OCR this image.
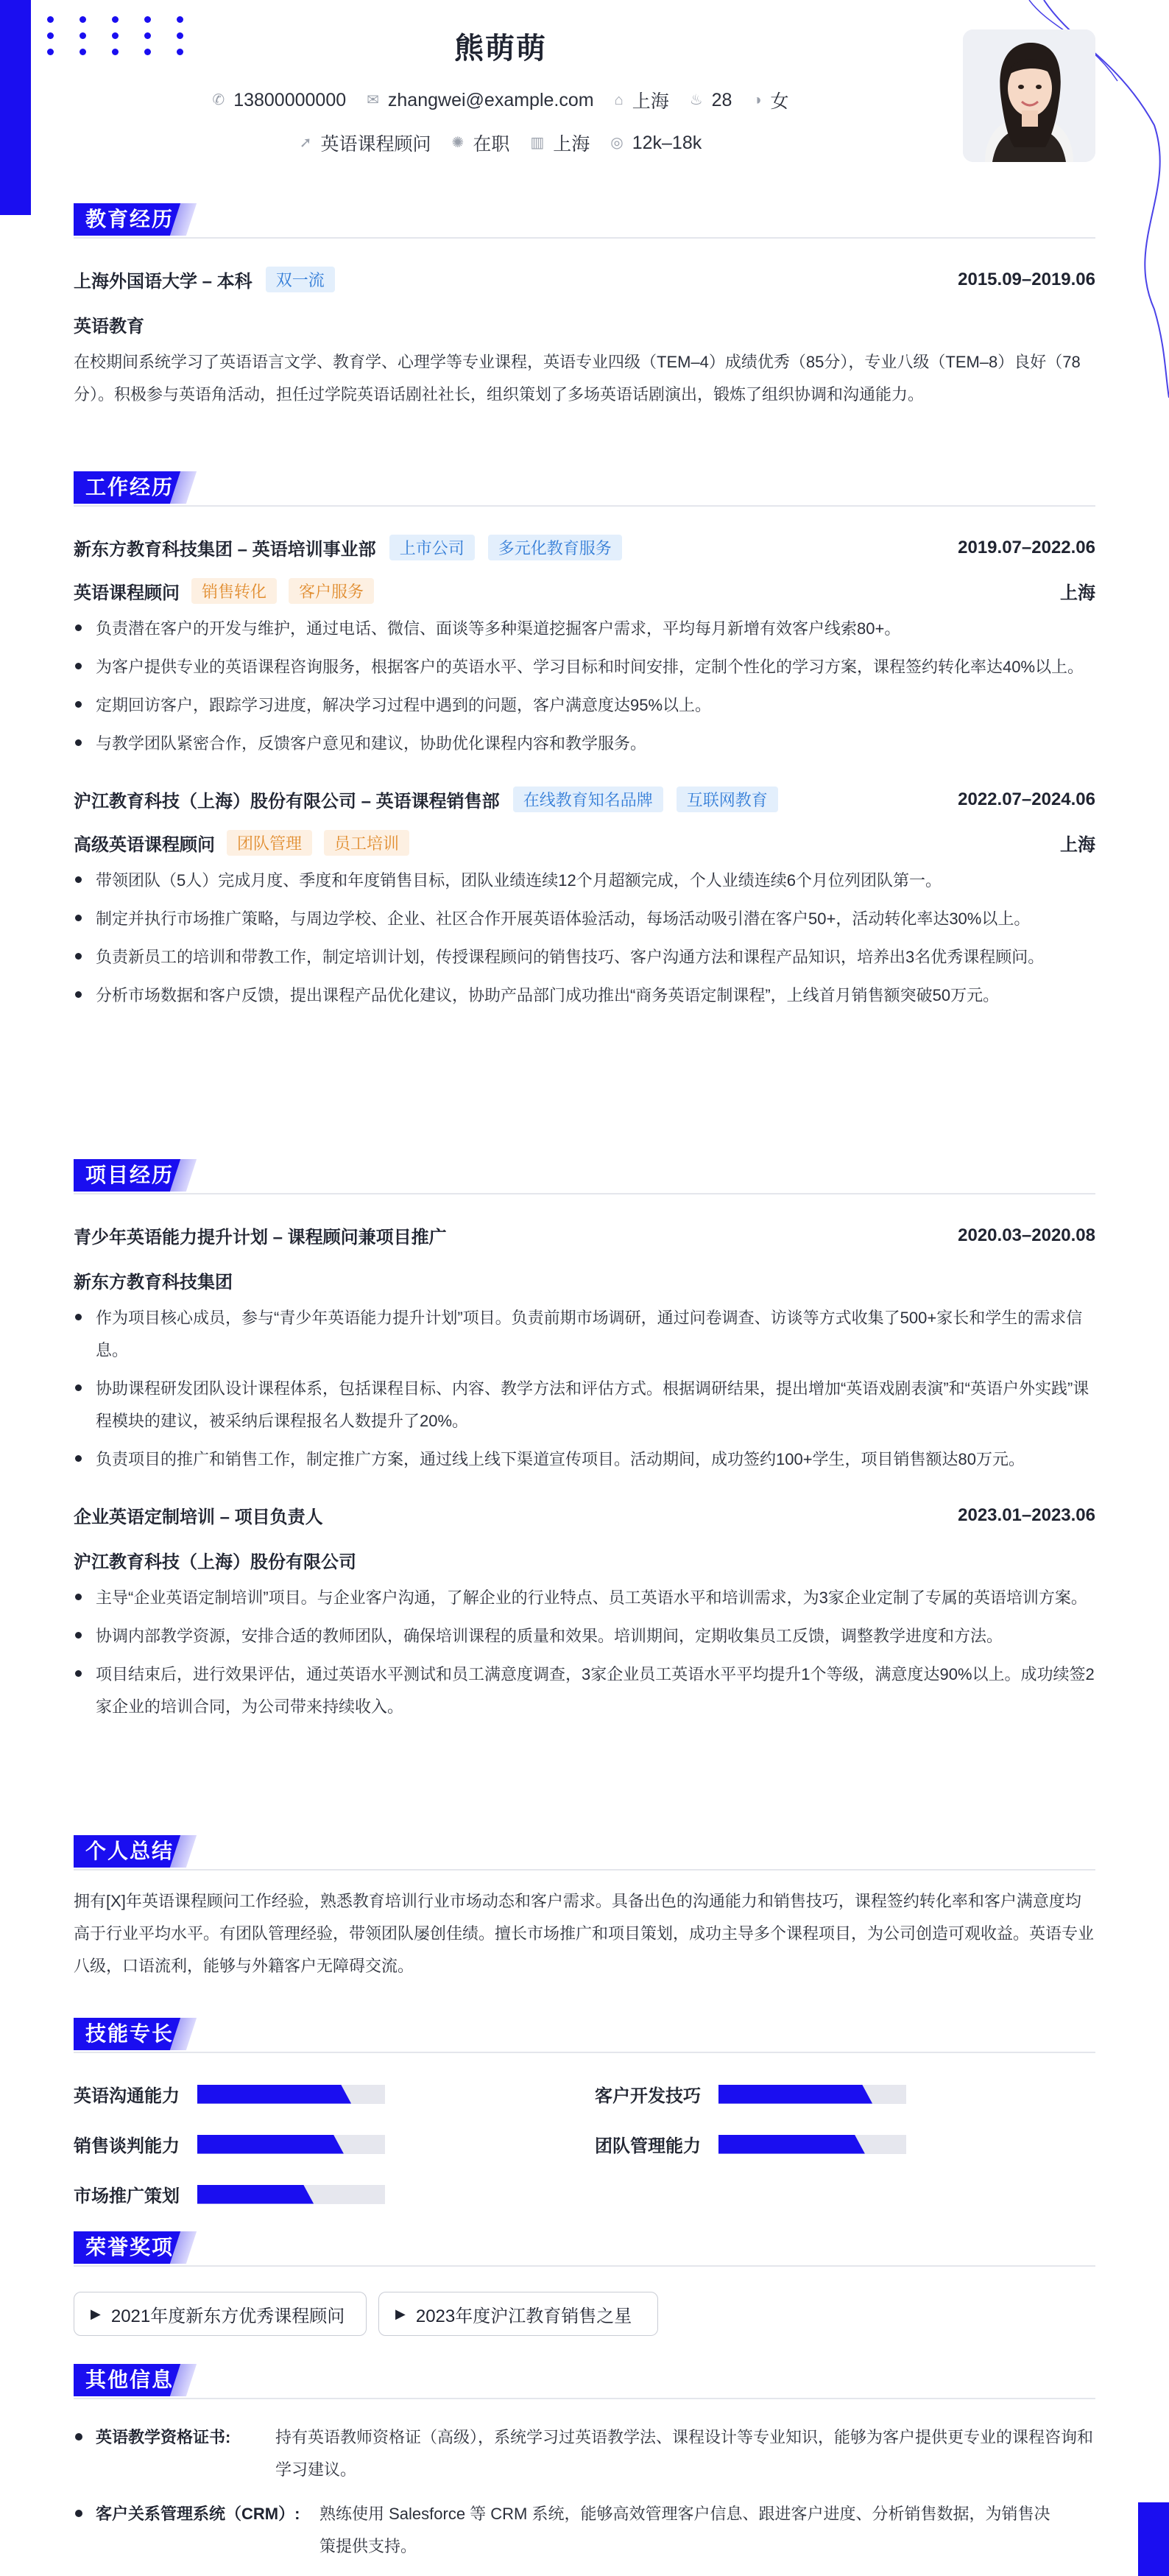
熊萌萌
✆ 13800000000 ✉ zhangwei@example.com ⌂ 上海 ♨ 28 ◑ 女
➚ 英语课程顾问 ✺ 在职 ▥ 上海 ◎ 12k–18k
教育经历
上海外国语大学 – 本科	双一流	2015.09–2019.06
英语教育
在校期间系统学习了英语语言文学、教育学、心理学等专业课程，英语专业四级（TEM–4）成绩优秀（85分），专业八级（TEM–8）良好（78分）。积极参与英语角活动，担任过学院英语话剧社社长，组织策划了多场英语话剧演出，锻炼了组织协调和沟通能力。
工作经历
新东方教育科技集团 – 英语培训事业部	上市公司	多元化教育服务	2019.07–2022.06
英语课程顾问	销售转化	客户服务	上海
负责潜在客户的开发与维护，通过电话、微信、面谈等多种渠道挖掘客户需求，平均每月新增有效客户线索80+。
为客户提供专业的英语课程咨询服务，根据客户的英语水平、学习目标和时间安排，定制个性化的学习方案，课程签约转化率达40%以上。
定期回访客户，跟踪学习进度，解决学习过程中遇到的问题，客户满意度达95%以上。
与教学团队紧密合作，反馈客户意见和建议，协助优化课程内容和教学服务。
沪江教育科技（上海）股份有限公司 – 英语课程销售部	在线教育知名品牌	互联网教育	2022.07–2024.06
高级英语课程顾问	团队管理	员工培训	上海
带领团队（5人）完成月度、季度和年度销售目标，团队业绩连续12个月超额完成，个人业绩连续6个月位列团队第一。
制定并执行市场推广策略，与周边学校、企业、社区合作开展英语体验活动，每场活动吸引潜在客户50+，活动转化率达30%以上。
负责新员工的培训和带教工作，制定培训计划，传授课程顾问的销售技巧、客户沟通方法和课程产品知识，培养出3名优秀课程顾问。
分析市场数据和客户反馈，提出课程产品优化建议，协助产品部门成功推出“商务英语定制课程”，上线首月销售额突破50万元。
项目经历
青少年英语能力提升计划 – 课程顾问兼项目推广	2020.03–2020.08
新东方教育科技集团
作为项目核心成员，参与“青少年英语能力提升计划”项目。负责前期市场调研，通过问卷调查、访谈等方式收集了500+家长和学生的需求信息。
协助课程研发团队设计课程体系，包括课程目标、内容、教学方法和评估方式。根据调研结果，提出增加“英语戏剧表演”和“英语户外实践”课程模块的建议，被采纳后课程报名人数提升了20%。
负责项目的推广和销售工作，制定推广方案，通过线上线下渠道宣传项目。活动期间，成功签约100+学生，项目销售额达80万元。
企业英语定制培训 – 项目负责人	2023.01–2023.06
沪江教育科技（上海）股份有限公司
主导“企业英语定制培训”项目。与企业客户沟通，了解企业的行业特点、员工英语水平和培训需求，为3家企业定制了专属的英语培训方案。
协调内部教学资源，安排合适的教师团队，确保培训课程的质量和效果。培训期间，定期收集员工反馈，调整教学进度和方法。
项目结束后，进行效果评估，通过英语水平测试和员工满意度调查，3家企业员工英语水平平均提升1个等级，满意度达90%以上。成功续签2家企业的培训合同，为公司带来持续收入。
个人总结
拥有[X]年英语课程顾问工作经验，熟悉教育培训行业市场动态和客户需求。具备出色的沟通能力和销售技巧，课程签约转化率和客户满意度均高于行业平均水平。有团队管理经验，带领团队屡创佳绩。擅长市场推广和项目策划，成功主导多个课程项目，为公司创造可观收益。英语专业八级，口语流利，能够与外籍客户无障碍交流。
技能专长
英语沟通能力	客户开发技巧
销售谈判能力	团队管理能力
市场推广策划
荣誉奖项
▶ 2021年度新东方优秀课程顾问	▶ 2023年度沪江教育销售之星
其他信息
英语教学资格证书:	持有英语教师资格证（高级），系统学习过英语教学法、课程设计等专业知识，能够为客户提供更专业的课程咨询和学习建议。
客户关系管理系统（CRM）:	熟练使用 Salesforce 等 CRM 系统，能够高效管理客户信息、跟进客户进度、分析销售数据，为销售决策提供支持。
